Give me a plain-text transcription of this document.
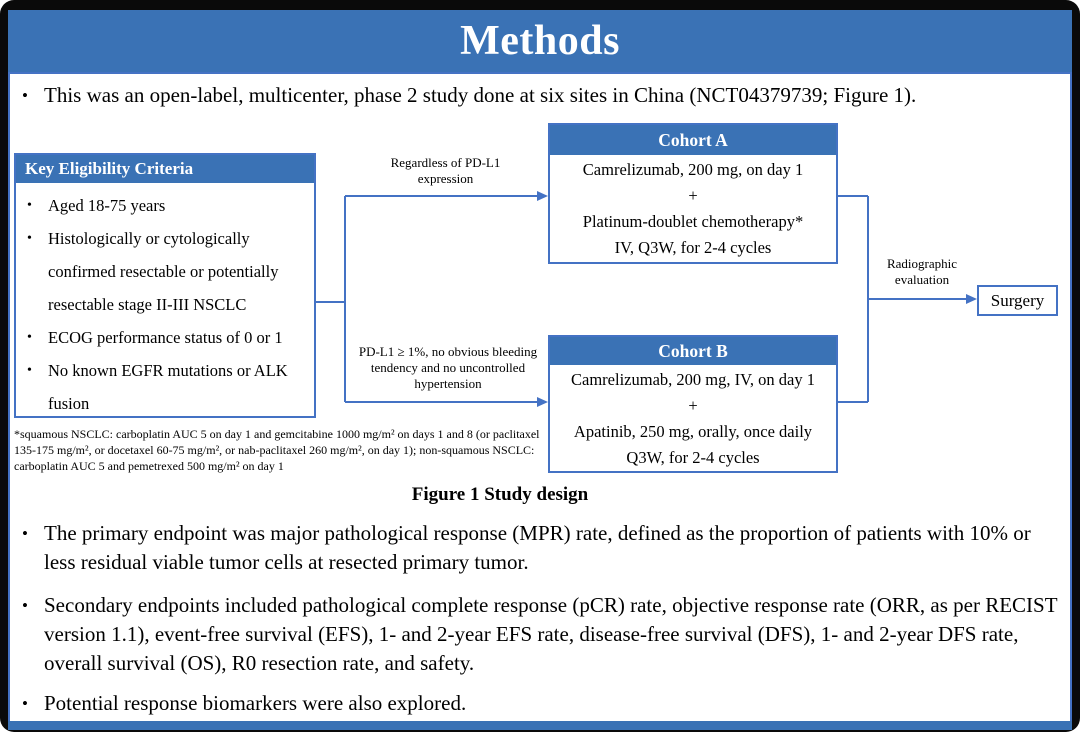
Methods
• This was an open-label, multicenter, phase 2 study done at six sites in China (NCT04379739; Figure 1).
Key Eligibility Criteria
• Aged 18-75 years
• Histologically or cytologically confirmed resectable or potentially resectable stage II-III NSCLC
• ECOG performance status of 0 or 1
• No known EGFR mutations or ALK fusion
Cohort A
Camrelizumab, 200 mg, on day 1
+
Platinum-doublet chemotherapy*
IV, Q3W, for 2-4 cycles
Cohort B
Camrelizumab, 200 mg, IV, on day 1
+
Apatinib, 250 mg, orally, once daily
Q3W, for 2-4 cycles
Surgery
Regardless of PD-L1 expression
PD-L1 ≥ 1%, no obvious bleeding tendency and no uncontrolled hypertension
Radiographic evaluation
*squamous NSCLC: carboplatin AUC 5 on day 1 and gemcitabine 1000 mg/m² on days 1 and 8 (or paclitaxel 135-175 mg/m², or docetaxel 60-75 mg/m², or nab-paclitaxel 260 mg/m², on day 1); non-squamous NSCLC: carboplatin AUC 5 and pemetrexed 500 mg/m² on day 1
Figure 1 Study design
• The primary endpoint was major pathological response (MPR) rate, defined as the proportion of patients with 10% or less residual viable tumor cells at resected primary tumor.
• Secondary endpoints included pathological complete response (pCR) rate, objective response rate (ORR, as per RECIST version 1.1), event-free survival (EFS), 1- and 2-year EFS rate, disease-free survival (DFS), 1- and 2-year DFS rate, overall survival (OS), R0 resection rate, and safety.
• Potential response biomarkers were also explored.
